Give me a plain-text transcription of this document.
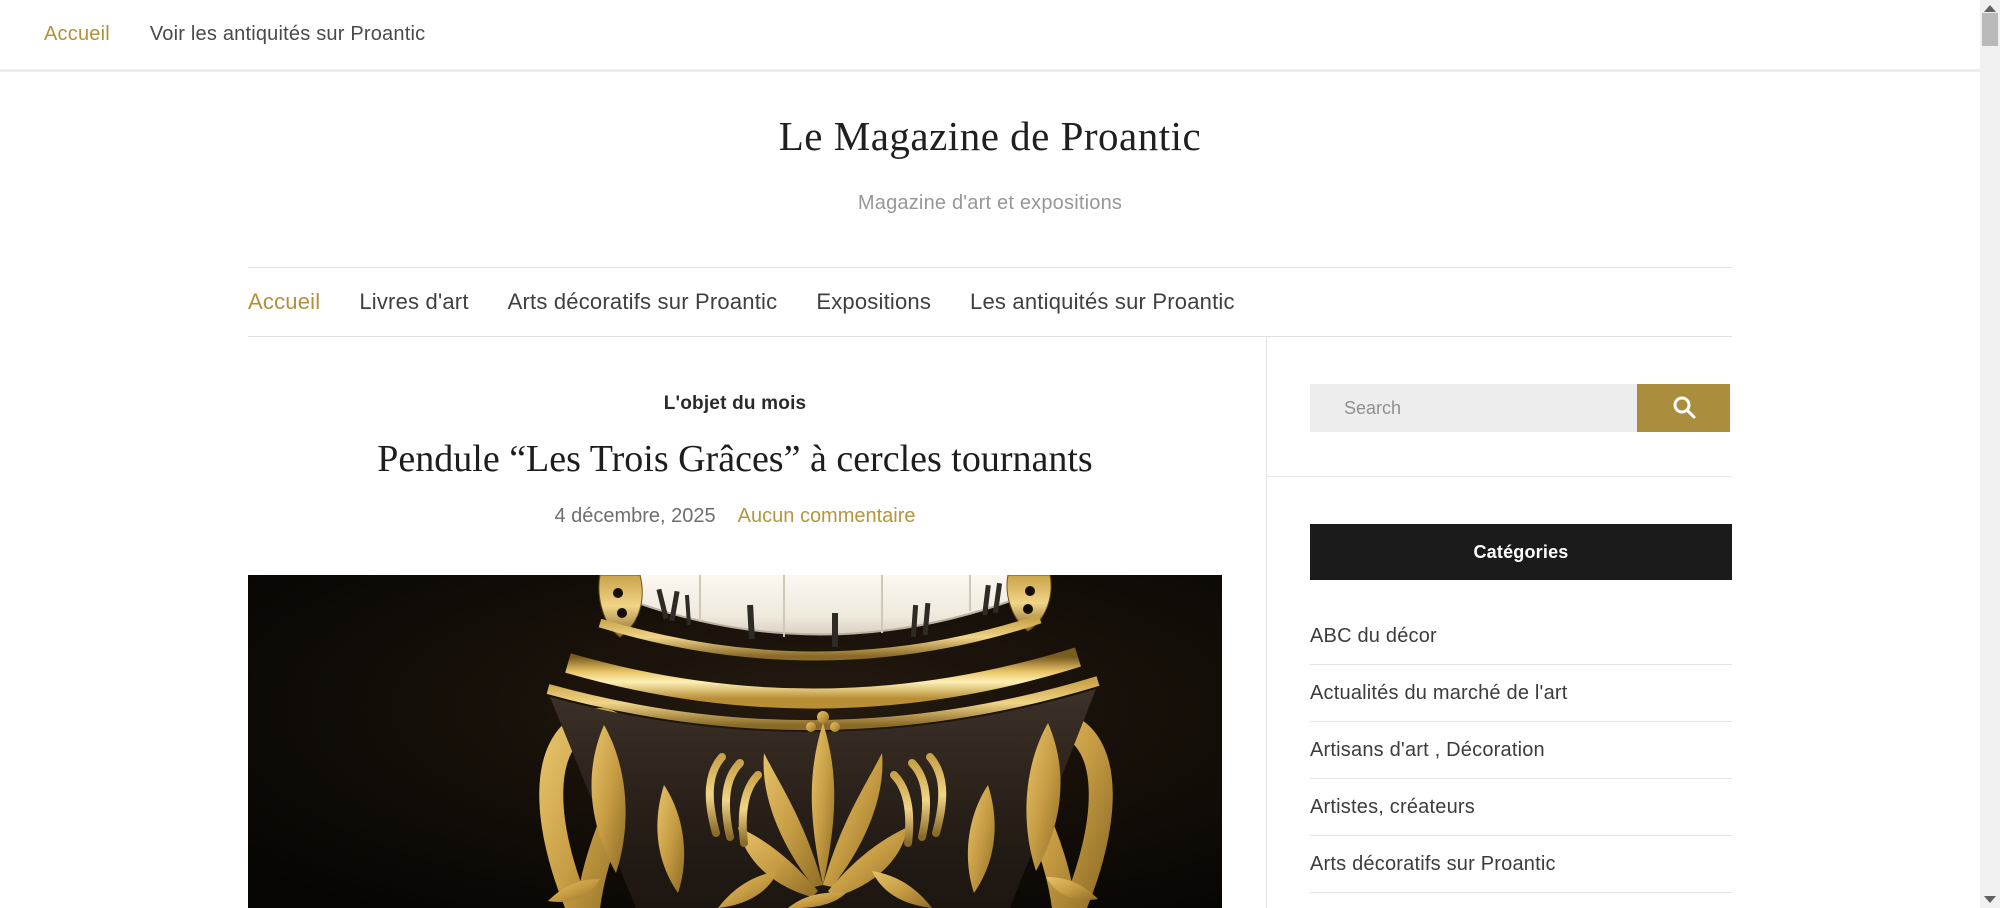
Accueil Voir les antiquités sur Proantic
Le Magazine de Proantic
Magazine d'art et expositions
Accueil Livres d'art Arts décoratifs sur Proantic Expositions Les antiquités sur Proantic
L'objet du mois
Pendule “Les Trois Grâces” à cercles tournants
4 décembre, 2025 Aucun commentaire
Search
Catégories
ABC du décor
Actualités du marché de l'art
Artisans d'art , Décoration
Artistes, créateurs
Arts décoratifs sur Proantic
